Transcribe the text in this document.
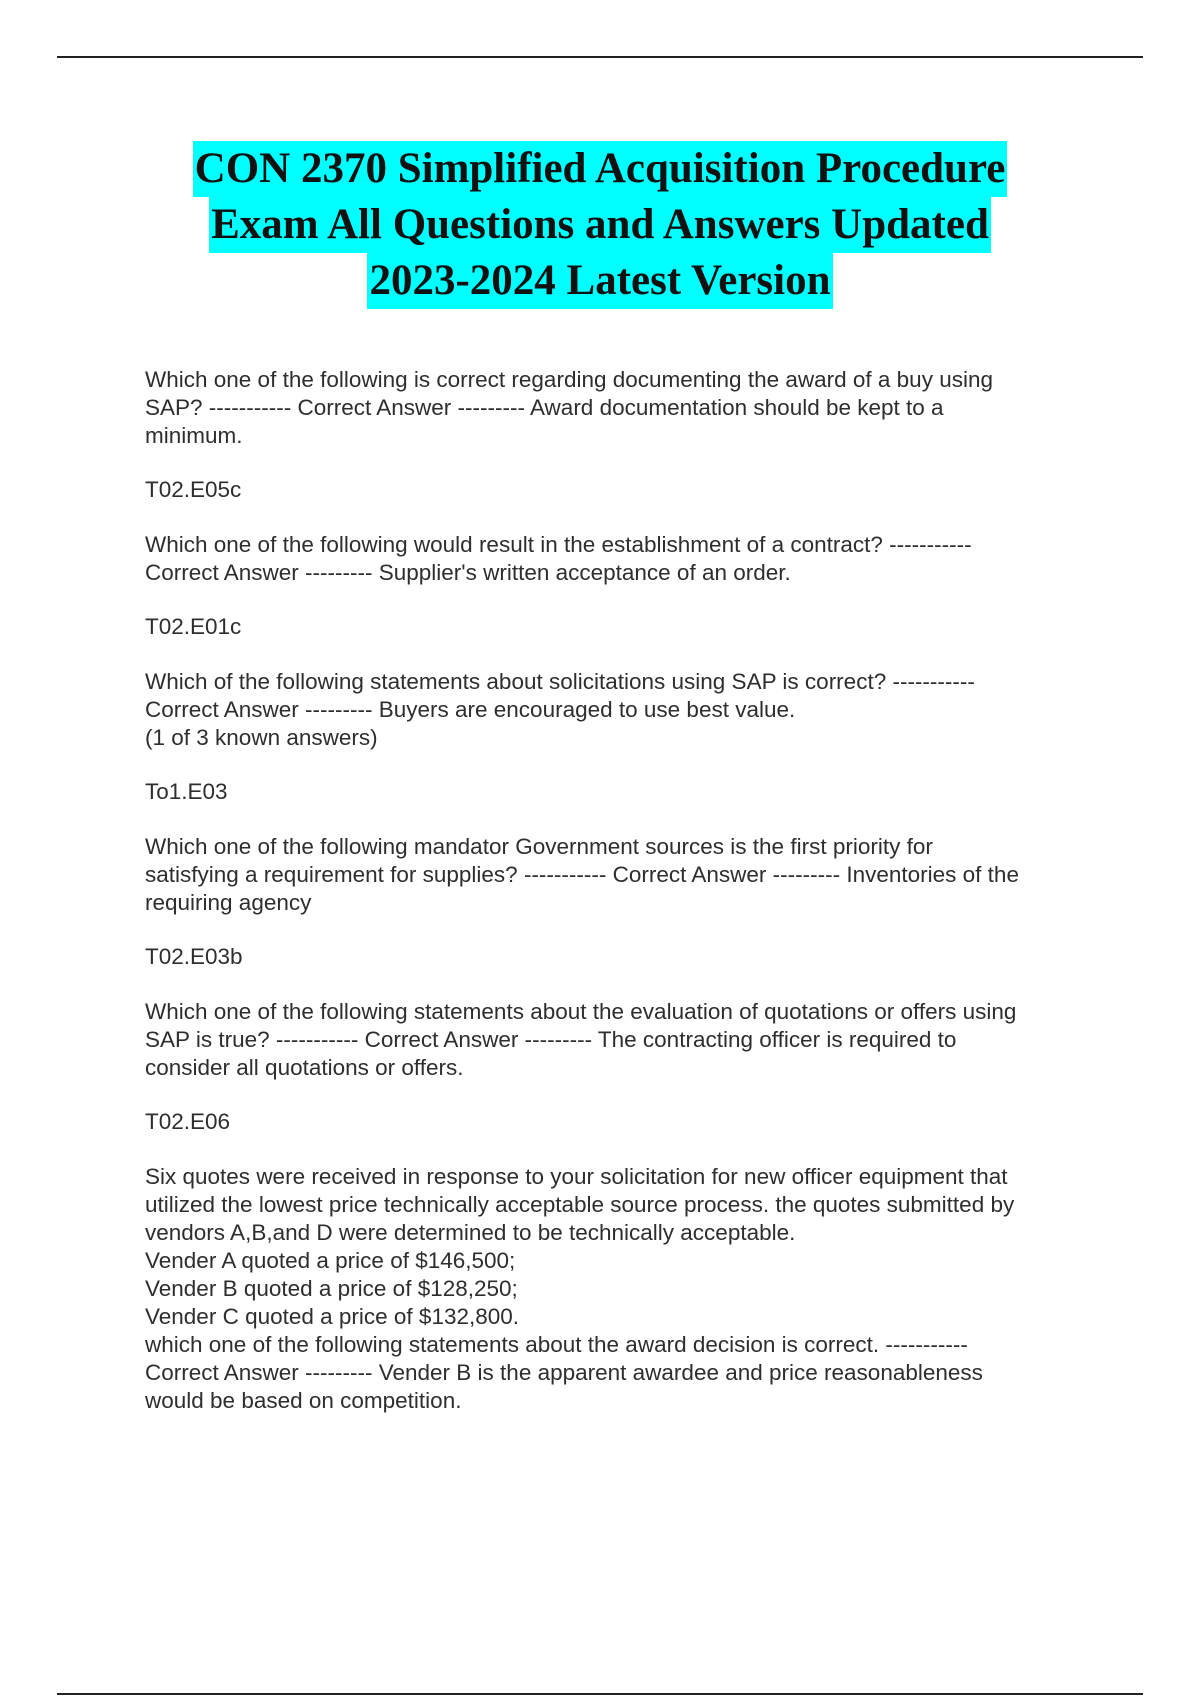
CON 2370 Simplified Acquisition Procedure
Exam All Questions and Answers Updated
2023-2024 Latest Version

Which one of the following is correct regarding documenting the award of a buy using
SAP? ----------- Correct Answer --------- Award documentation should be kept to a
minimum.

T02.E05c

Which one of the following would result in the establishment of a contract? -----------
Correct Answer --------- Supplier's written acceptance of an order.

T02.E01c

Which of the following statements about solicitations using SAP is correct? -----------
Correct Answer --------- Buyers are encouraged to use best value.
(1 of 3 known answers)

To1.E03

Which one of the following mandator Government sources is the first priority for
satisfying a requirement for supplies? ----------- Correct Answer --------- Inventories of the
requiring agency

T02.E03b

Which one of the following statements about the evaluation of quotations or offers using
SAP is true? ----------- Correct Answer --------- The contracting officer is required to
consider all quotations or offers.

T02.E06

Six quotes were received in response to your solicitation for new officer equipment that
utilized the lowest price technically acceptable source process. the quotes submitted by
vendors A,B,and D were determined to be technically acceptable.
Vender A quoted a price of $146,500;
Vender B quoted a price of $128,250;
Vender C quoted a price of $132,800.
which one of the following statements about the award decision is correct. -----------
Correct Answer --------- Vender B is the apparent awardee and price reasonableness
would be based on competition.
